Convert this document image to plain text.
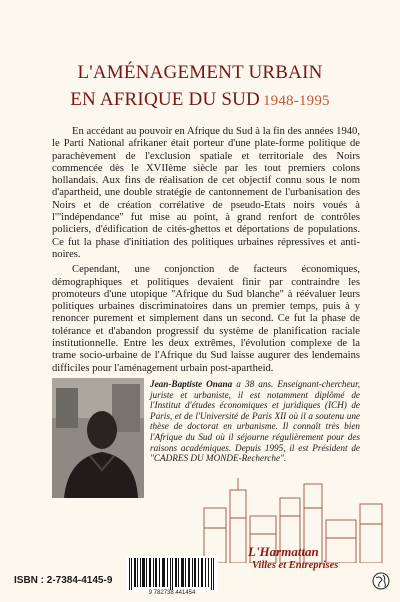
L'AMÉNAGEMENT URBAIN
EN AFRIQUE DU SUD 1948-1995

En accédant au pouvoir en Afrique du Sud à la fin des années 1940, le Parti National afrikaner était porteur d'une plate-forme politique de parachèvement de l'exclusion spatiale et territoriale des Noirs commencée dès le XVIIème siècle par les tout premiers colons hollandais. Aux fins de réalisation de cet objectif connu sous le nom d'apartheid, une double stratégie de cantonnement de l'urbanisation des Noirs et de création corrélative de pseudo-Etats noirs voués à l'"indépendance" fut mise au point, à grand renfort de contrôles policiers, d'édification de cités-ghettos et déportations de populations. Ce fut la phase d'initiation des politiques urbaines répressives et anti-noires.

Cependant, une conjonction de facteurs économiques, démographiques et politiques devaient finir par contraindre les promoteurs d'une utopique "Afrique du Sud blanche" à réévaluer leurs politiques urbaines discriminatoires dans un premier temps, puis à y renoncer purement et simplement dans un second. Ce fut la phase de tolérance et d'abandon progressif du système de planification raciale institutionnelle. Entre les deux extrêmes, l'évolution complexe de la trame socio-urbaine de l'Afrique du Sud laisse augurer des lendemains difficiles pour l'aménagement urbain post-apartheid.

Jean-Baptiste Onana a 38 ans. Enseignant-chercheur, juriste et urbaniste, il est notamment diplômé de l'Institut d'études économiques et juridiques (ICH) de Paris, et de l'Université de Paris XII où il a soutenu une thèse de doctorat en urbanisme. Il connaît très bien l'Afrique du Sud où il séjourne régulièrement pour des raisons académiques. Depuis 1995, il est Président de "CADRES DU MONDE-Recherche".
L'Harmattan
Villes et Entreprises
ISBN : 2-7384-4145-9
9 782738 441454
